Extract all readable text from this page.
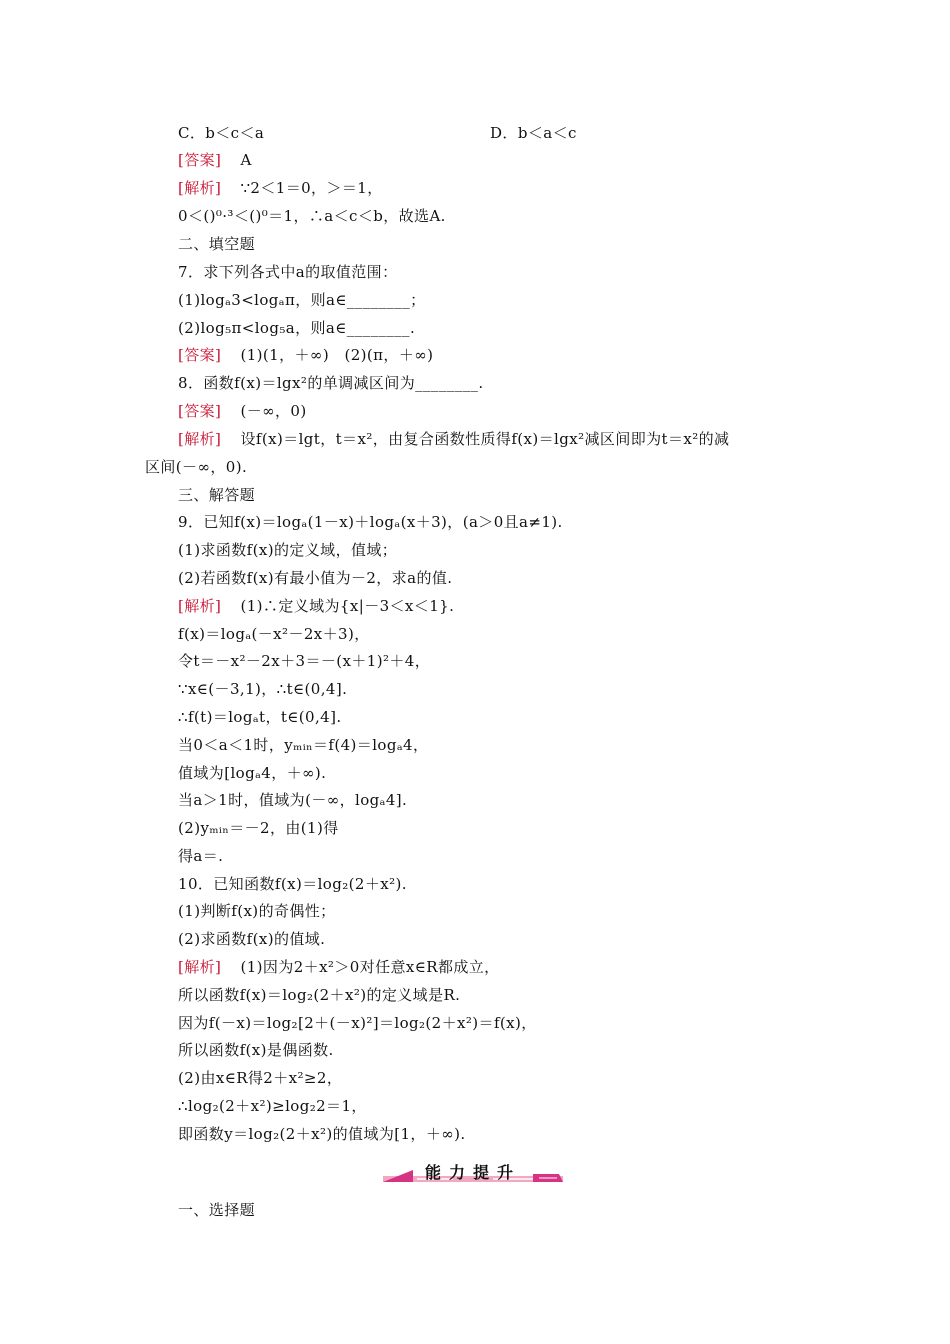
C．b＜c＜a	D．b＜a＜c
[答案] A
[解析] ∵2＜1＝0，＞＝1，
0＜()⁰·³＜()⁰＝1，∴a＜c＜b，故选A.
二、填空题
7．求下列各式中a的取值范围：
(1)logₐ3<logₐπ，则a∈________；
(2)log₅π<log₅a，则a∈________.
[答案] (1)(1，＋∞)　(2)(π，＋∞)
8．函数f(x)＝lgx²的单调减区间为________.
[答案] (－∞，0)
[解析] 设f(x)＝lgt，t＝x²，由复合函数性质得f(x)＝lgx²减区间即为t＝x²的减
区间(－∞，0).
三、解答题
9．已知f(x)＝logₐ(1－x)＋logₐ(x＋3)，(a＞0且a≠1).
(1)求函数f(x)的定义域，值域；
(2)若函数f(x)有最小值为－2，求a的值.
[解析] (1)∴定义域为{x|－3＜x＜1}.
f(x)＝logₐ(－x²－2x＋3)，
令t＝－x²－2x＋3＝－(x＋1)²＋4，
∵x∈(－3,1)，∴t∈(0,4].
∴f(t)＝logₐt，t∈(0,4].
当0＜a＜1时，yₘᵢₙ＝f(4)＝logₐ4，
值域为[logₐ4，＋∞).
当a＞1时，值域为(－∞，logₐ4].
(2)yₘᵢₙ＝－2，由(1)得
得a＝.
10．已知函数f(x)＝log₂(2＋x²).
(1)判断f(x)的奇偶性；
(2)求函数f(x)的值域.
[解析] (1)因为2＋x²＞0对任意x∈R都成立，
所以函数f(x)＝log₂(2＋x²)的定义域是R.
因为f(－x)＝log₂[2＋(－x)²]＝log₂(2＋x²)＝f(x)，
所以函数f(x)是偶函数.
(2)由x∈R得2＋x²≥2，
∴log₂(2＋x²)≥log₂2＝1，
即函数y＝log₂(2＋x²)的值域为[1，＋∞).
能力提升
一、选择题
